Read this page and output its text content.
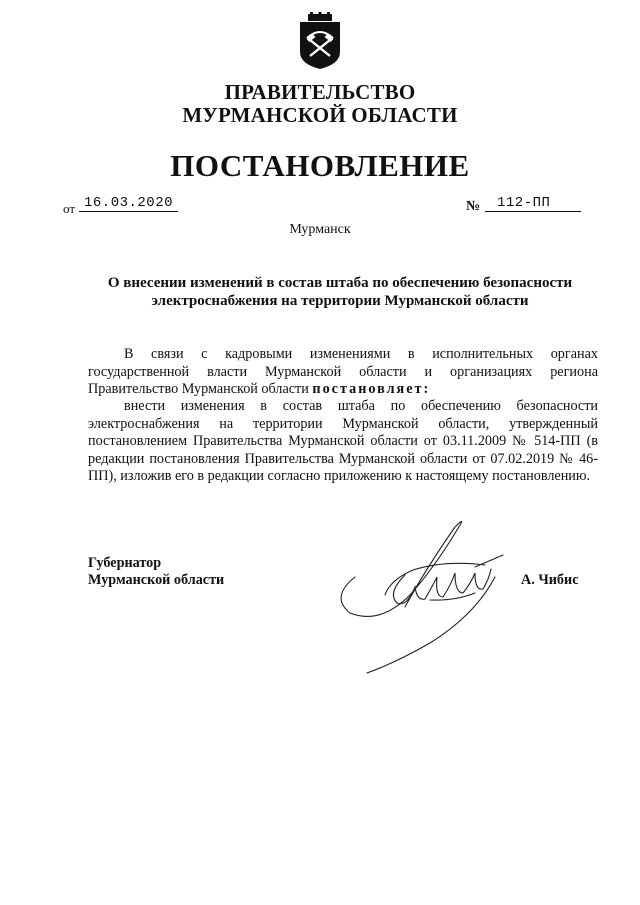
ПРАВИТЕЛЬСТВО
МУРМАНСКОЙ ОБЛАСТИ
ПОСТАНОВЛЕНИЕ
от 16.03.2020	№	112-ПП
Мурманск
О внесении изменений в состав штаба по обеспечению безопасности
электроснабжения на территории Мурманской области
В связи с кадровыми изменениями в исполнительных органах государственной власти Мурманской области и организациях региона Правительство Мурманской области постановляет:
внести изменения в состав штаба по обеспечению безопасности электроснабжения на территории Мурманской области, утвержденный постановлением Правительства Мурманской области от 03.11.2009 № 514-ПП (в редакции постановления Правительства Мурманской области от 07.02.2019 № 46-ПП), изложив его в редакции согласно приложению к настоящему постановлению.
Губернатор
Мурманской области	А. Чибис
